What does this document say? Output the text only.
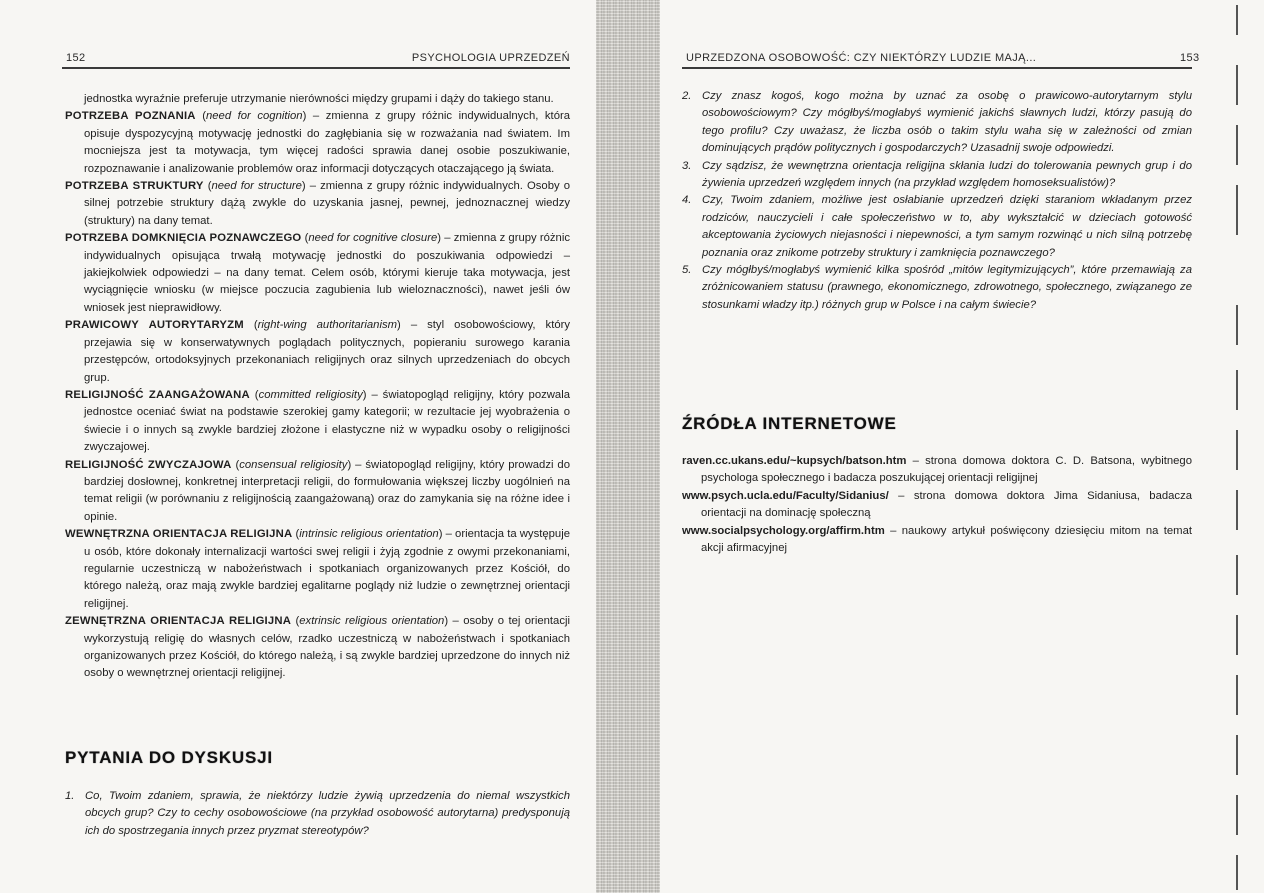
152	PSYCHOLOGIA UPRZEDZEŃ

jednostka wyraźnie preferuje utrzymanie nierówności między grupami i dąży do takiego stanu.

POTRZEBA POZNANIA (need for cognition) – zmienna z grupy różnic indywidualnych, która opisuje dyspozycyjną motywację jednostki do zagłębiania się w rozważania nad światem. Im mocniejsza jest ta motywacja, tym więcej radości sprawia danej osobie poszukiwanie, rozpoznawanie i analizowanie problemów oraz informacji dotyczących otaczającego ją świata.

POTRZEBA STRUKTURY (need for structure) – zmienna z grupy różnic indywidualnych. Osoby o silnej potrzebie struktury dążą zwykle do uzyskania jasnej, pewnej, jednoznacznej wiedzy (struktury) na dany temat.

POTRZEBA DOMKNIĘCIA POZNAWCZEGO (need for cognitive closure) – zmienna z grupy różnic indywidualnych opisująca trwałą motywację jednostki do poszukiwania odpowiedzi – jakiejkolwiek odpowiedzi – na dany temat. Celem osób, którymi kieruje taka motywacja, jest wyciągnięcie wniosku (w miejsce poczucia zagubienia lub wieloznaczności), nawet jeśli ów wniosek jest nieprawidłowy.

PRAWICOWY AUTORYTARYZM (right-wing authoritarianism) – styl osobowościowy, który przejawia się w konserwatywnych poglądach politycznych, popieraniu surowego karania przestępców, ortodoksyjnych przekonaniach religijnych oraz silnych uprzedzeniach do obcych grup.

RELIGIJNOŚĆ ZAANGAŻOWANA (committed religiosity) – światopogląd religijny, który pozwala jednostce oceniać świat na podstawie szerokiej gamy kategorii; w rezultacie jej wyobrażenia o świecie i o innych są zwykle bardziej złożone i elastyczne niż w wypadku osoby o religijności zwyczajowej.

RELIGIJNOŚĆ ZWYCZAJOWA (consensual religiosity) – światopogląd religijny, który prowadzi do bardziej dosłownej, konkretnej interpretacji religii, do formułowania większej liczby uogólnień na temat religii (w porównaniu z religijnością zaangażowaną) oraz do zamykania się na różne idee i opinie.

WEWNĘTRZNA ORIENTACJA RELIGIJNA (intrinsic religious orientation) – orientacja ta występuje u osób, które dokonały internalizacji wartości swej religii i żyją zgodnie z owymi przekonaniami, regularnie uczestniczą w nabożeństwach i spotkaniach organizowanych przez Kościół, do którego należą, oraz mają zwykle bardziej egalitarne poglądy niż ludzie o zewnętrznej orientacji religijnej.

ZEWNĘTRZNA ORIENTACJA RELIGIJNA (extrinsic religious orientation) – osoby o tej orientacji wykorzystują religię do własnych celów, rzadko uczestniczą w nabożeństwach i spotkaniach organizowanych przez Kościół, do którego należą, i są zwykle bardziej uprzedzone do innych niż osoby o wewnętrznej orientacji religijnej.

PYTANIA DO DYSKUSJI
1. Co, Twoim zdaniem, sprawia, że niektórzy ludzie żywią uprzedzenia do niemal wszystkich obcych grup? Czy to cechy osobowościowe (na przykład osobowość autorytarna) predysponują ich do spostrzegania innych przez pryzmat stereotypów?
UPRZEDZONA OSOBOWOŚĆ: CZY NIEKTÓRZY LUDZIE MAJĄ...	153
2. Czy znasz kogoś, kogo można by uznać za osobę o prawicowo-autorytarnym stylu osobowościowym? Czy mógłbyś/mogłabyś wymienić jakichś sławnych ludzi, którzy pasują do tego profilu? Czy uważasz, że liczba osób o takim stylu waha się w zależności od zmian dominujących prądów politycznych i gospodarczych? Uzasadnij swoje odpowiedzi.
3. Czy sądzisz, że wewnętrzna orientacja religijna skłania ludzi do tolerowania pewnych grup i do żywienia uprzedzeń względem innych (na przykład względem homoseksualistów)?
4. Czy, Twoim zdaniem, możliwe jest osłabianie uprzedzeń dzięki staraniom wkładanym przez rodziców, nauczycieli i całe społeczeństwo w to, aby wykształcić w dzieciach gotowość akceptowania życiowych niejasności i niepewności, a tym samym rozwinąć u nich silną potrzebę poznania oraz znikome potrzeby struktury i zamknięcia poznawczego?
5. Czy mógłbyś/mogłabyś wymienić kilka spośród „mitów legitymizujących”, które przemawiają za zróżnicowaniem statusu (prawnego, ekonomicznego, zdrowotnego, społecznego, związanego ze stosunkami władzy itp.) różnych grup w Polsce i na całym świecie?
ŹRÓDŁA INTERNETOWE

raven.cc.ukans.edu/~kupsych/batson.htm – strona domowa doktora C. D. Batsona, wybitnego psychologa społecznego i badacza poszukującej orientacji religijnej

www.psych.ucla.edu/Faculty/Sidanius/ – strona domowa doktora Jima Sidaniusa, badacza orientacji na dominację społeczną

www.socialpsychology.org/affirm.htm – naukowy artykuł poświęcony dziesięciu mitom na temat akcji afirmacyjnej
